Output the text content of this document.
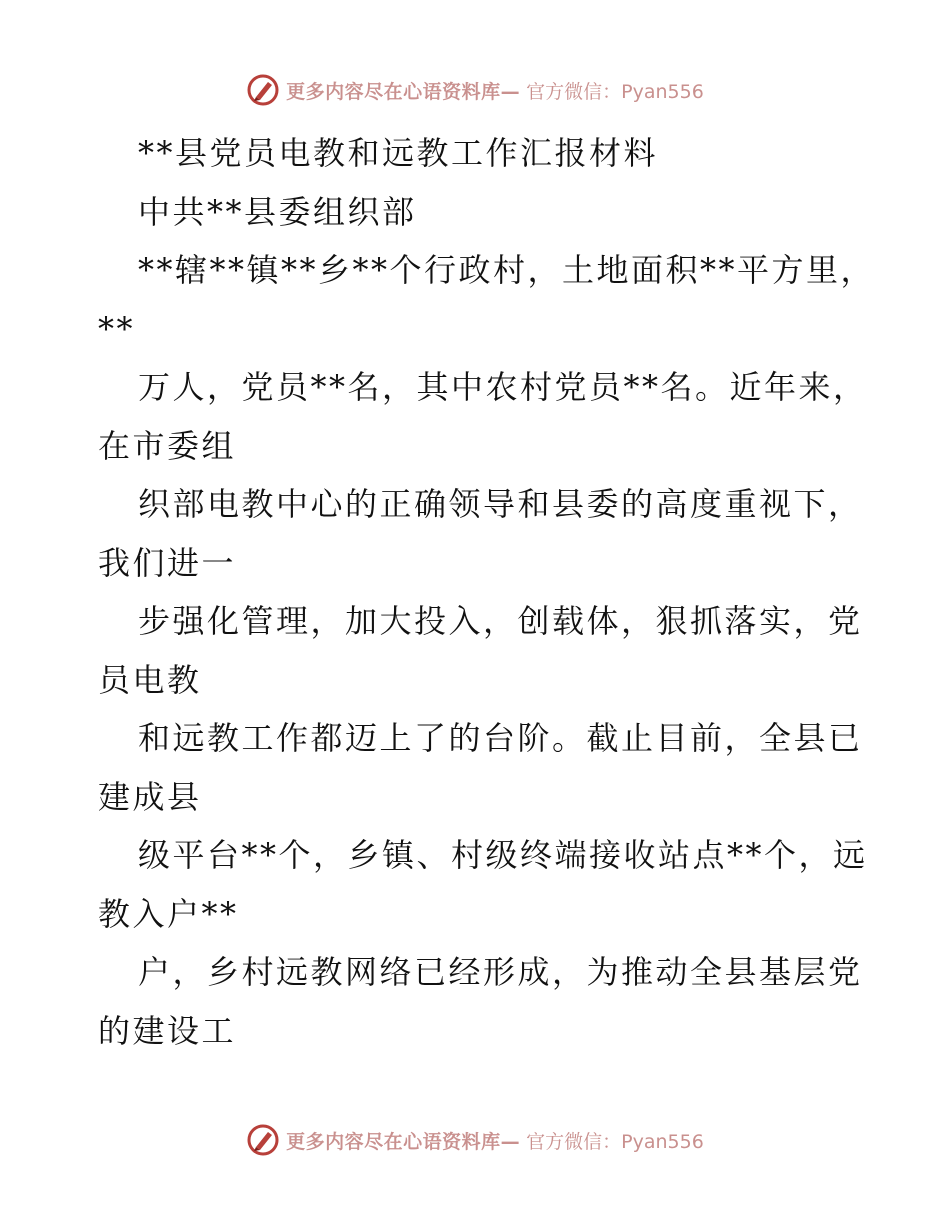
更多内容尽在心语资料库— 官方微信：Pyan556
**县党员电教和远教工作汇报材料
中共**县委组织部
**辖**镇**乡**个行政村，土地面积**平方里，
**
万人，党员**名，其中农村党员**名。近年来，
在市委组
织部电教中心的正确领导和县委的高度重视下，
我们进一
步强化管理，加大投入，创载体，狠抓落实，党
员电教
和远教工作都迈上了的台阶。截止目前，全县已
建成县
级平台**个，乡镇、村级终端接收站点**个，远
教入户**
户，乡村远教网络已经形成，为推动全县基层党
的建设工
更多内容尽在心语资料库— 官方微信：Pyan556
